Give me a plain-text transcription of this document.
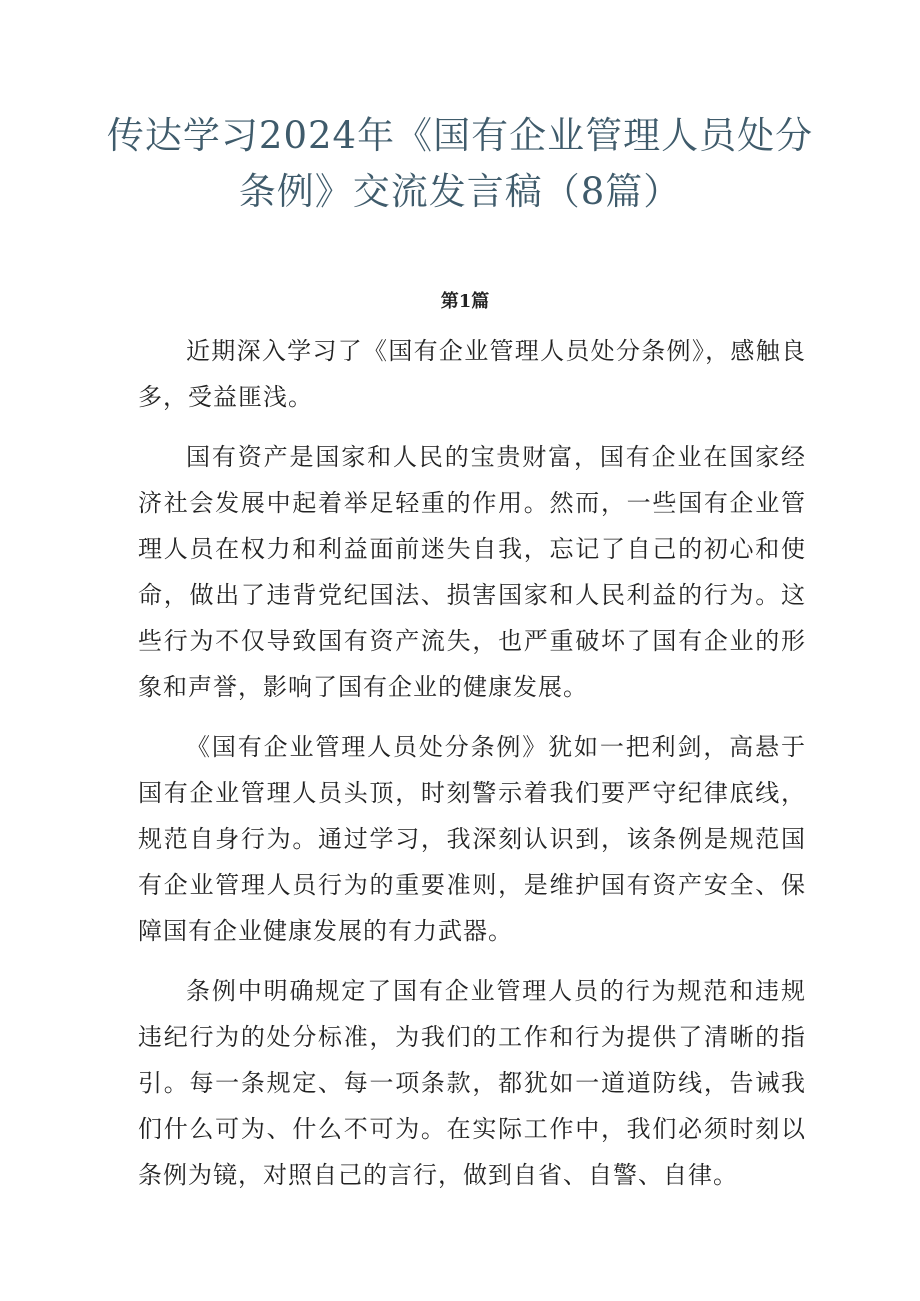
传达学习2024年《国有企业管理人员处分
条例》交流发言稿（8篇）
第1篇

近期深入学习了《国有企业管理人员处分条例》，感触良多，受益匪浅。

国有资产是国家和人民的宝贵财富，国有企业在国家经济社会发展中起着举足轻重的作用。然而，一些国有企业管理人员在权力和利益面前迷失自我，忘记了自己的初心和使命，做出了违背党纪国法、损害国家和人民利益的行为。这些行为不仅导致国有资产流失，也严重破坏了国有企业的形象和声誉，影响了国有企业的健康发展。

《国有企业管理人员处分条例》犹如一把利剑，高悬于国有企业管理人员头顶，时刻警示着我们要严守纪律底线，规范自身行为。通过学习，我深刻认识到，该条例是规范国有企业管理人员行为的重要准则，是维护国有资产安全、保障国有企业健康发展的有力武器。

条例中明确规定了国有企业管理人员的行为规范和违规违纪行为的处分标准，为我们的工作和行为提供了清晰的指引。每一条规定、每一项条款，都犹如一道道防线，告诫我们什么可为、什么不可为。在实际工作中，我们必须时刻以条例为镜，对照自己的言行，做到自省、自警、自律。
